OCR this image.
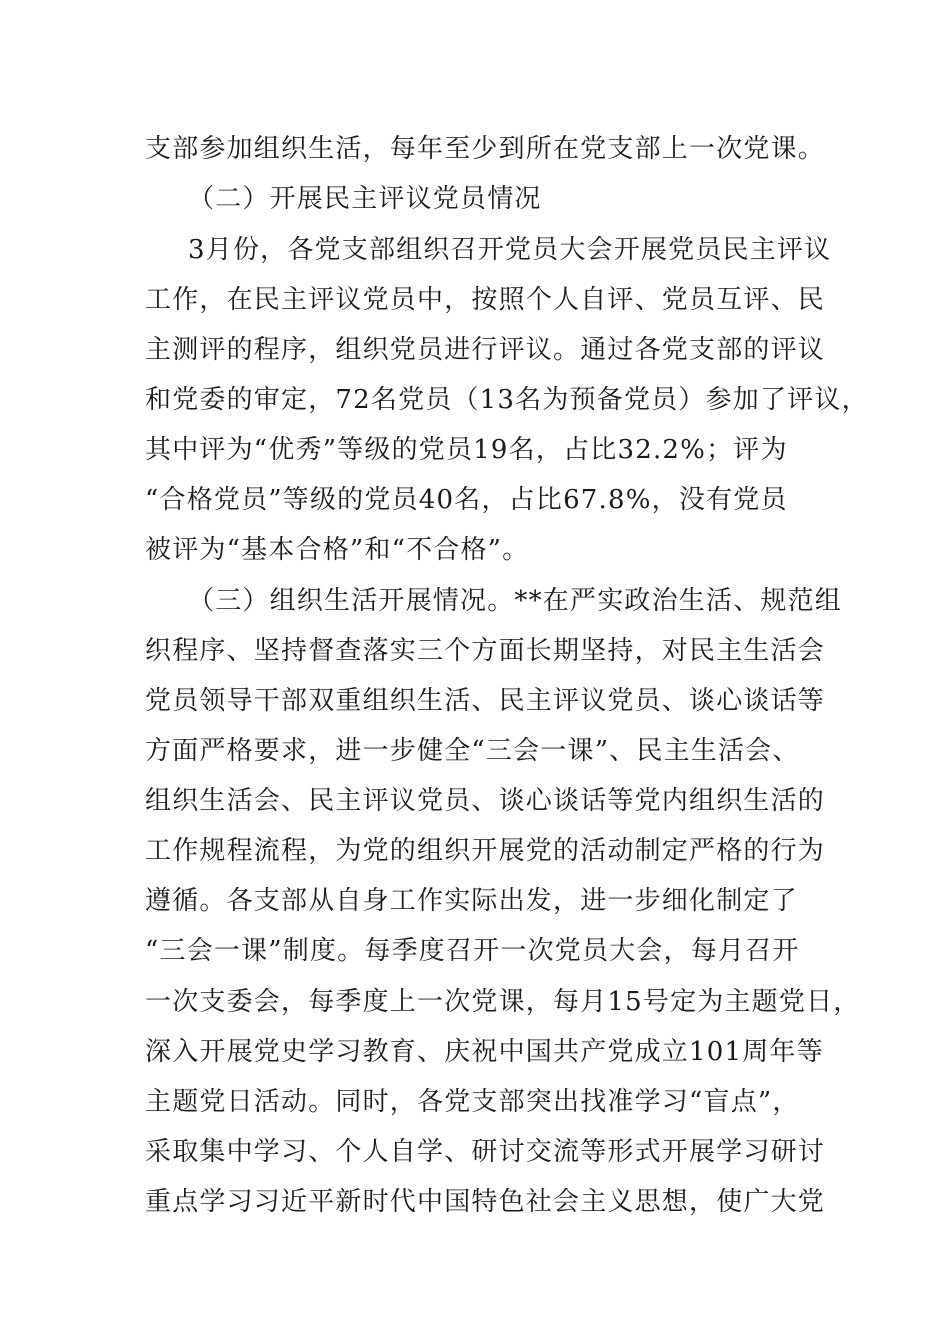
支部参加组织生活，每年至少到所在党支部上一次党课。
（二）开展民主评议党员情况
3月份，各党支部组织召开党员大会开展党员民主评议
工作，在民主评议党员中，按照个人自评、党员互评、民
主测评的程序，组织党员进行评议。通过各党支部的评议
和党委的审定，72名党员（13名为预备党员）参加了评议，
其中评为“优秀”等级的党员19名，占比32.2%；评为
“合格党员”等级的党员40名，占比67.8%，没有党员
被评为“基本合格”和“不合格”。
（三）组织生活开展情况。**在严实政治生活、规范组
织程序、坚持督查落实三个方面长期坚持，对民主生活会
党员领导干部双重组织生活、民主评议党员、谈心谈话等
方面严格要求，进一步健全“三会一课”、民主生活会、
组织生活会、民主评议党员、谈心谈话等党内组织生活的
工作规程流程，为党的组织开展党的活动制定严格的行为
遵循。各支部从自身工作实际出发，进一步细化制定了
“三会一课”制度。每季度召开一次党员大会，每月召开
一次支委会，每季度上一次党课，每月15号定为主题党日，
深入开展党史学习教育、庆祝中国共产党成立101周年等
主题党日活动。同时，各党支部突出找准学习“盲点”，
采取集中学习、个人自学、研讨交流等形式开展学习研讨
重点学习习近平新时代中国特色社会主义思想，使广大党
